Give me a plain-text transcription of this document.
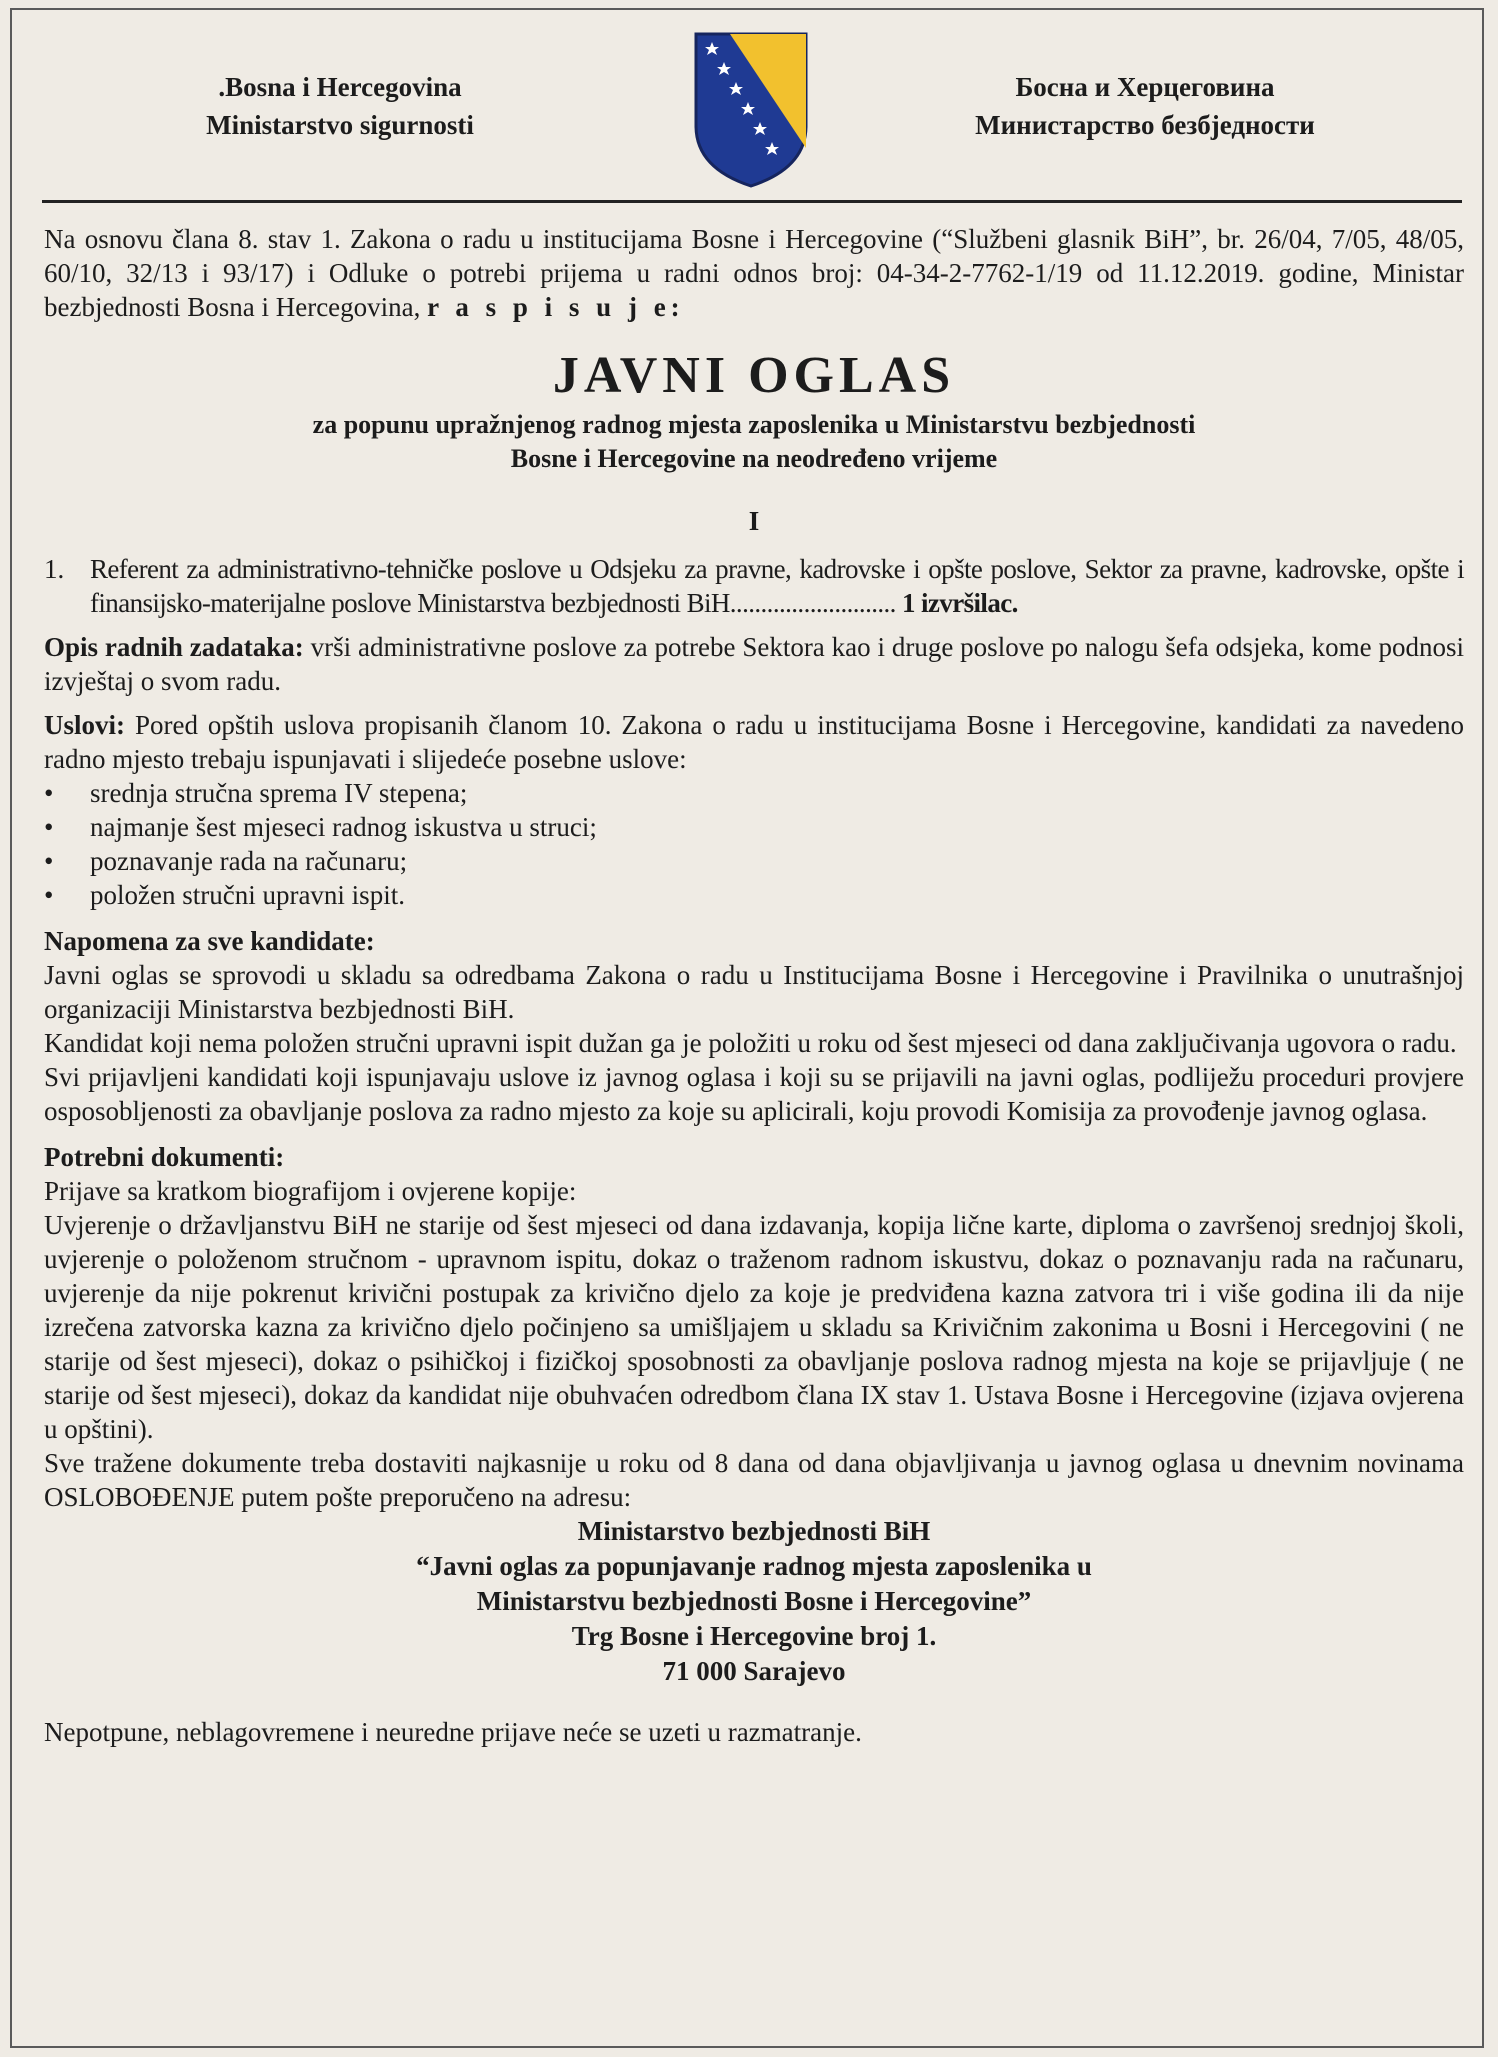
.Bosna i Hercegovina
Ministarstvo sigurnosti
Босна и Херцеговина
Министарство безбједности

Na osnovu člana 8. stav 1. Zakona o radu u institucijama Bosne i Hercegovine (“Službeni glasnik BiH”, br. 26/04, 7/05, 48/05, 60/10, 32/13 i 93/17) i Odluke o potrebi prijema u radni odnos broj: 04-34-2-7762-1/19 od 11.12.2019. godine, Ministar bezbjednosti Bosna i Hercegovina, r a s p i s u j e:

JAVNI OGLAS

za popunu upražnjenog radnog mjesta zaposlenika u Ministarstvu bezbjednosti

Bosne i Hercegovine na neodređeno vrijeme

I
1. Referent za administrativno-tehničke poslove u Odsjeku za pravne, kadrovske i opšte poslove, Sektor za pravne, kadrovske, opšte i finansijsko-materijalne poslove Ministarstva bezbjednosti BiH........................... 1 izvršilac.

Opis radnih zadataka: vrši administrativne poslove za potrebe Sektora kao i druge poslove po nalogu šefa odsjeka, kome podnosi izvještaj o svom radu.

Uslovi: Pored opštih uslova propisanih članom 10. Zakona o radu u institucijama Bosne i Hercegovine, kandidati za navedeno radno mjesto trebaju ispunjavati i slijedeće posebne uslove:

• srednja stručna sprema IV stepena;
• najmanje šest mjeseci radnog iskustva u struci;
• poznavanje rada na računaru;
• položen stručni upravni ispit.
Napomena za sve kandidate:

Javni oglas se sprovodi u skladu sa odredbama Zakona o radu u Institucijama Bosne i Hercegovine i Pravilnika o unutrašnjoj organizaciji Ministarstva bezbjednosti BiH.

Kandidat koji nema položen stručni upravni ispit dužan ga je položiti u roku od šest mjeseci od dana zaključivanja ugovora o radu.

Svi prijavljeni kandidati koji ispunjavaju uslove iz javnog oglasa i koji su se prijavili na javni oglas, podliježu proceduri provjere osposobljenosti za obavljanje poslova za radno mjesto za koje su aplicirali, koju provodi Komisija za provođenje javnog oglasa.

Potrebni dokumenti:

Prijave sa kratkom biografijom i ovjerene kopije:

Uvjerenje o državljanstvu BiH ne starije od šest mjeseci od dana izdavanja, kopija lične karte, diploma o završenoj srednjoj školi, uvjerenje o položenom stručnom - upravnom ispitu, dokaz o traženom radnom iskustvu, dokaz o poznavanju rada na računaru, uvjerenje da nije pokrenut krivični postupak za krivično djelo za koje je predviđena kazna zatvora tri i više godina ili da nije izrečena zatvorska kazna za krivično djelo počinjeno sa umišljajem u skladu sa Krivičnim zakonima u Bosni i Hercegovini ( ne starije od šest mjeseci), dokaz o psihičkoj i fizičkoj sposobnosti za obavljanje poslova radnog mjesta na koje se prijavljuje ( ne starije od šest mjeseci), dokaz da kandidat nije obuhvaćen odredbom člana IX stav 1. Ustava Bosne i Hercegovine (izjava ovjerena u opštini).

Sve tražene dokumente treba dostaviti najkasnije u roku od 8 dana od dana objavljivanja u javnog oglasa u dnevnim novinama OSLOBOĐENJE putem pošte preporučeno na adresu:

Ministarstvo bezbjednosti BiH

“Javni oglas za popunjavanje radnog mjesta zaposlenika u

Ministarstvu bezbjednosti Bosne i Hercegovine”

Trg Bosne i Hercegovine broj 1.

71 000 Sarajevo

Nepotpune, neblagovremene i neuredne prijave neće se uzeti u razmatranje.
